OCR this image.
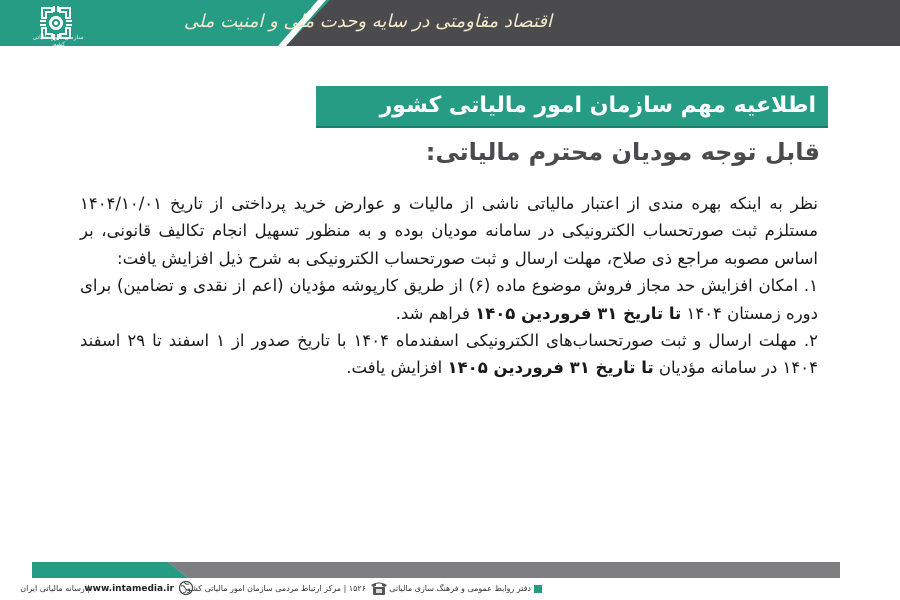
سازمان امور مالیاتی کشور
اقتصاد مقاومتی در سایه وحدت ملی و امنیت ملی
اطلاعیه مهم سازمان امور مالیاتی کشور
قابل توجه مودیان محترم مالیاتی:

نظر به اینکه بهره مندی از اعتبار مالیاتی ناشی از مالیات و عوارض خرید پرداختی از تاریخ ۱۴۰۴/۱۰/۰۱ مستلزم ثبت صورتحساب الکترونیکی در سامانه مودیان بوده و به منظور تسهیل انجام تکالیف قانونی، بر اساس مصوبه مراجع ذی صلاح، مهلت ارسال و ثبت صورتحساب الکترونیکی به شرح ذیل افزایش یافت:

۱. امکان افزایش حد مجاز فروش موضوع ماده (۶) از طریق کارپوشه مؤدیان (اعم از نقدی و تضامین) برای دوره زمستان ۱۴۰۴ تا تاریخ ۳۱ فروردین ۱۴۰۵ فراهم شد.

۲. مهلت ارسال و ثبت صورتحساب‌های الکترونیکی اسفندماه ۱۴۰۴ با تاریخ صدور از ۱ اسفند تا ۲۹ اسفند ۱۴۰۴ در سامانه مؤدیان تا تاریخ ۳۱ فروردین ۱۴۰۵ افزایش یافت.

دفتر روابط عمومی و فرهنگ سازی مالیاتی
۱۵۲۶ | مرکز ارتباط مردمی سازمان امور مالیاتی کشور
www.intamedia.ir
| رسانه مالیاتی ایران
